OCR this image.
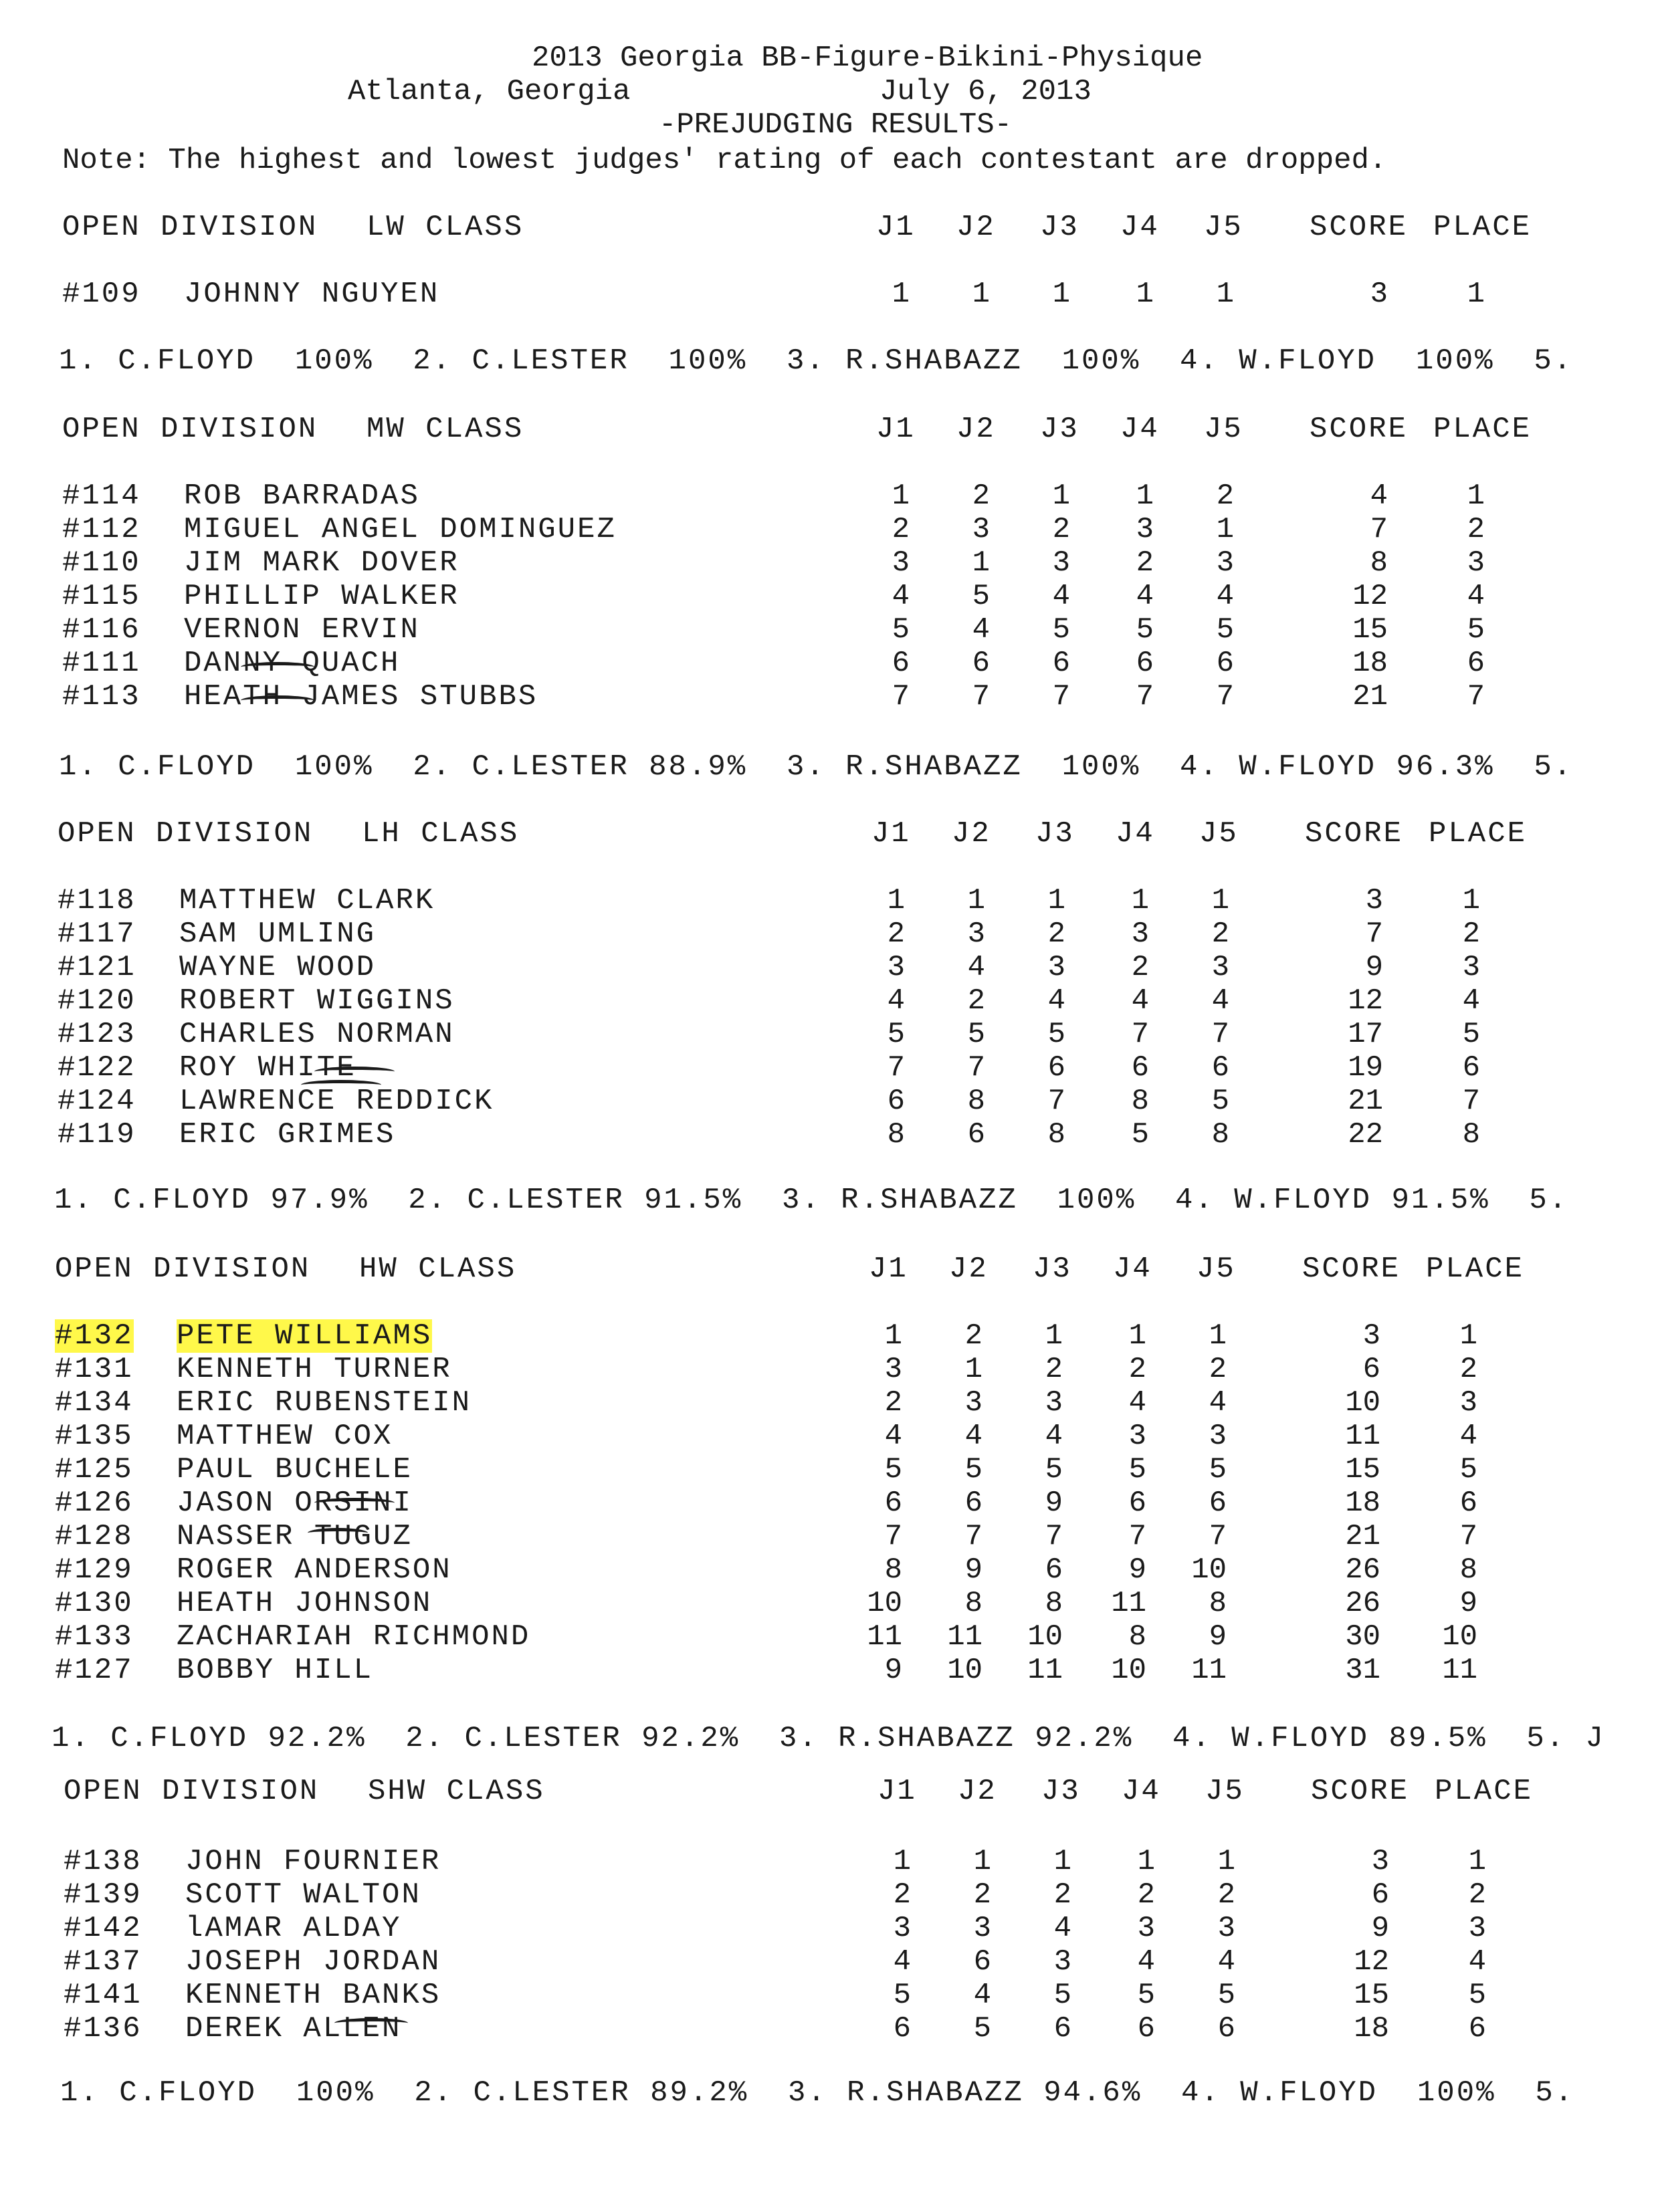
2013 Georgia BB-Figure-Bikini-Physique
Atlanta, Georgia	July 6, 2013
-PREJUDGING RESULTS-
Note: The highest and lowest judges' rating of each contestant are dropped.
OPEN DIVISION LW CLASS	J1 J2 J3 J4 J5 SCORE PLACE
#109 JOHNNY NGUYEN	1	1	1	1	1	3	1
1. C.FLOYD  100%  2. C.LESTER  100%  3. R.SHABAZZ  100%  4. W.FLOYD  100%  5.
OPEN DIVISION MW CLASS	J1 J2 J3 J4 J5 SCORE PLACE
#114 ROB BARRADAS	1	2	1	1	2	4	1
#112 MIGUEL ANGEL DOMINGUEZ	2	3	2	3	1	7	2
#110 JIM MARK DOVER	3	1	3	2	3	8	3
#115 PHILLIP WALKER	4	5	4	4	4	12	4
#116 VERNON ERVIN	5	4	5	5	5	15	5
#111 DANNY QUACH	6	6	6	6	6	18	6
#113 HEATH JAMES STUBBS	7	7	7	7	7	21	7
1. C.FLOYD  100%  2. C.LESTER 88.9%  3. R.SHABAZZ  100%  4. W.FLOYD 96.3%  5.
OPEN DIVISION LH CLASS	J1 J2 J3 J4 J5 SCORE PLACE
#118 MATTHEW CLARK	1	1	1	1	1	3	1
#117 SAM UMLING	2	3	2	3	2	7	2
#121 WAYNE WOOD	3	4	3	2	3	9	3
#120 ROBERT WIGGINS	4	2	4	4	4	12	4
#123 CHARLES NORMAN	5	5	5	7	7	17	5
#122 ROY WHITE	7	7	6	6	6	19	6
#124 LAWRENCE REDDICK	6	8	7	8	5	21	7
#119 ERIC GRIMES	8	6	8	5	8	22	8
1. C.FLOYD 97.9%  2. C.LESTER 91.5%  3. R.SHABAZZ  100%  4. W.FLOYD 91.5%  5.
OPEN DIVISION HW CLASS	J1 J2 J3 J4 J5 SCORE PLACE
#132 PETE WILLIAMS	1	2	1	1	1	3	1
#131 KENNETH TURNER	3	1	2	2	2	6	2
#134 ERIC RUBENSTEIN	2	3	3	4	4	10	3
#135 MATTHEW COX	4	4	4	3	3	11	4
#125 PAUL BUCHELE	5	5	5	5	5	15	5
#126 JASON ORSINI	6	6	9	6	6	18	6
#128 NASSER TUGUZ	7	7	7	7	7	21	7
#129 ROGER ANDERSON	8	9	6	9	10	26	8
#130 HEATH JOHNSON	10	8	8	11	8	26	9
#133 ZACHARIAH RICHMOND	11	11	10	8	9	30	10
#127 BOBBY HILL	9	10	11	10	11	31	11
1. C.FLOYD 92.2%  2. C.LESTER 92.2%  3. R.SHABAZZ 92.2%  4. W.FLOYD 89.5%  5. J
OPEN DIVISION SHW CLASS	J1 J2 J3 J4 J5 SCORE PLACE
#138 JOHN FOURNIER	1	1	1	1	1	3	1
#139 SCOTT WALTON	2	2	2	2	2	6	2
#142 lAMAR ALDAY	3	3	4	3	3	9	3
#137 JOSEPH JORDAN	4	6	3	4	4	12	4
#141 KENNETH BANKS	5	4	5	5	5	15	5
#136 DEREK ALLEN	6	5	6	6	6	18	6
1. C.FLOYD  100%  2. C.LESTER 89.2%  3. R.SHABAZZ 94.6%  4. W.FLOYD  100%  5.
